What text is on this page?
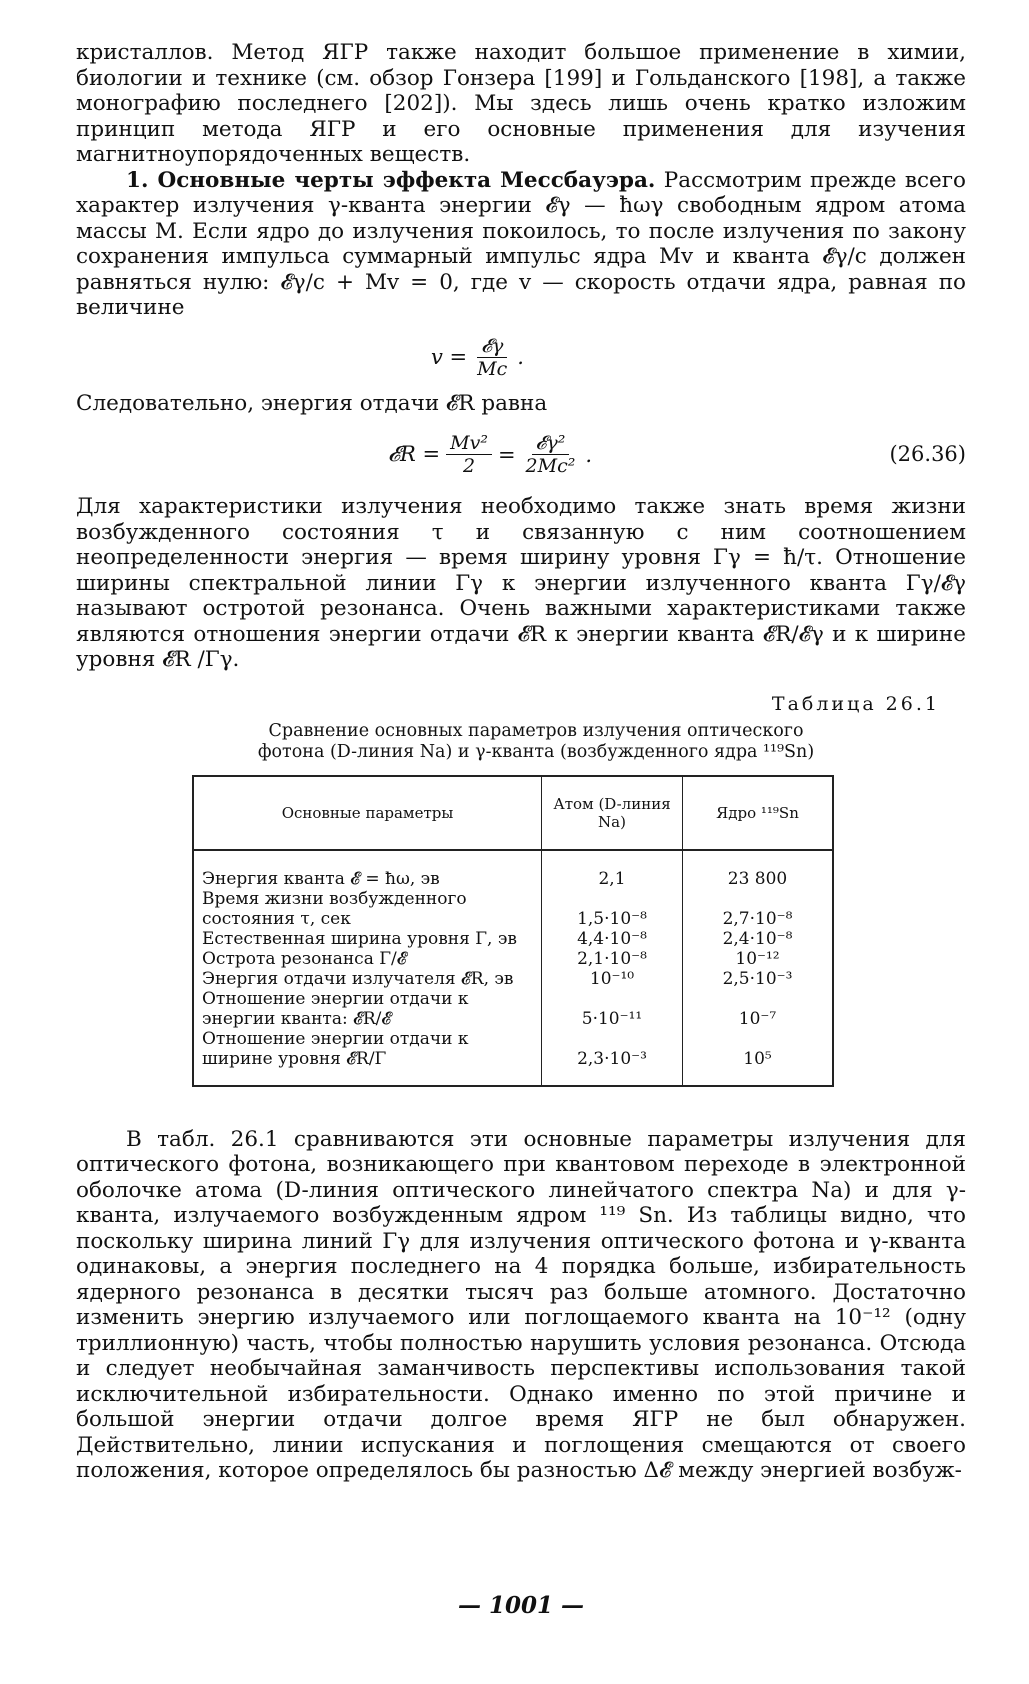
кристаллов. Метод ЯГР также находит большое применение в химии, биологии и технике (см. обзор Гонзера [199] и Гольданского [198], а также монографию последнего [202]). Мы здесь лишь очень кратко изложим принцип метода ЯГР и его основные применения для изучения магнитноупорядоченных веществ.

1. Основные черты эффекта Мессбауэра. Рассмотрим прежде всего характер излучения γ-кванта энергии 𝓔γ — ħωγ свободным ядром атома массы M. Если ядро до излучения покоилось, то после излучения по закону сохранения импульса суммарный импульс ядра Mv и кванта 𝓔γ/c должен равняться нулю: 𝓔γ/c + Mv = 0, где v — скорость отдачи ядра, равная по величине

$v = \frac{\text{𝓔γ}}{Mc}$ .

Следовательно, энергия отдачи 𝓔R равна

𝓔R = $\frac{\text{Mv²}}{2} = \frac{\text{𝓔γ²}}{\text{2Mc²}}$ .	(26.36)

Для характеристики излучения необходимо также знать время жизни возбужденного состояния τ и связанную с ним соотношением неопределенности энергия — время ширину уровня Γγ = ħ/τ. Отношение ширины спектральной линии Γγ к энергии излученного кванта Γγ/𝓔γ называют остротой резонанса. Очень важными характеристиками также являются отношения энергии отдачи 𝓔R к энергии кванта 𝓔R/𝓔γ и к ширине уровня 𝓔R /Γγ.

Таблица 26.1
Сравнение основных параметров излучения оптического
фотона (D-линия Na) и γ-кванта (возбужденного ядра ¹¹⁹Sn)
Основные параметры	Атом (D-линия Na)	Ядро ¹¹⁹Sn
Энергия кванта 𝓔 = ħω, эв	2,1	23 800
Время жизни возбужденного состояния τ, сек	1,5·10⁻⁸	2,7·10⁻⁸
Естественная ширина уровня Γ, эв	4,4·10⁻⁸	2,4·10⁻⁸
Острота резонанса Γ/𝓔	2,1·10⁻⁸	10⁻¹²
Энергия отдачи излучателя 𝓔R, эв	10⁻¹⁰	2,5·10⁻³
Отношение энергии отдачи к энергии кванта: 𝓔R/𝓔	5·10⁻¹¹	10⁻⁷
Отношение энергии отдачи к ширине уровня 𝓔R/Γ	2,3·10⁻³	10⁵

В табл. 26.1 сравниваются эти основные параметры излучения для оптического фотона, возникающего при квантовом переходе в электронной оболочке атома (D-линия оптического линейчатого спектра Na) и для γ-кванта, излучаемого возбужденным ядром ¹¹⁹ Sn. Из таблицы видно, что поскольку ширина линий Γγ для излучения оптического фотона и γ-кванта одинаковы, а энергия последнего на 4 порядка больше, избирательность ядерного резонанса в десятки тысяч раз больше атомного. Достаточно изменить энергию излучаемого или поглощаемого кванта на 10⁻¹² (одну триллионную) часть, чтобы полностью нарушить условия резонанса. Отсюда и следует необычайная заманчивость перспективы использования такой исключительной избирательности. Однако именно по этой причине и большой энергии отдачи долгое время ЯГР не был обнаружен. Действительно, линии испускания и поглощения смещаются от своего положения, которое определялось бы разностью Δ𝓔 между энергией возбуж-

— 1001 —
